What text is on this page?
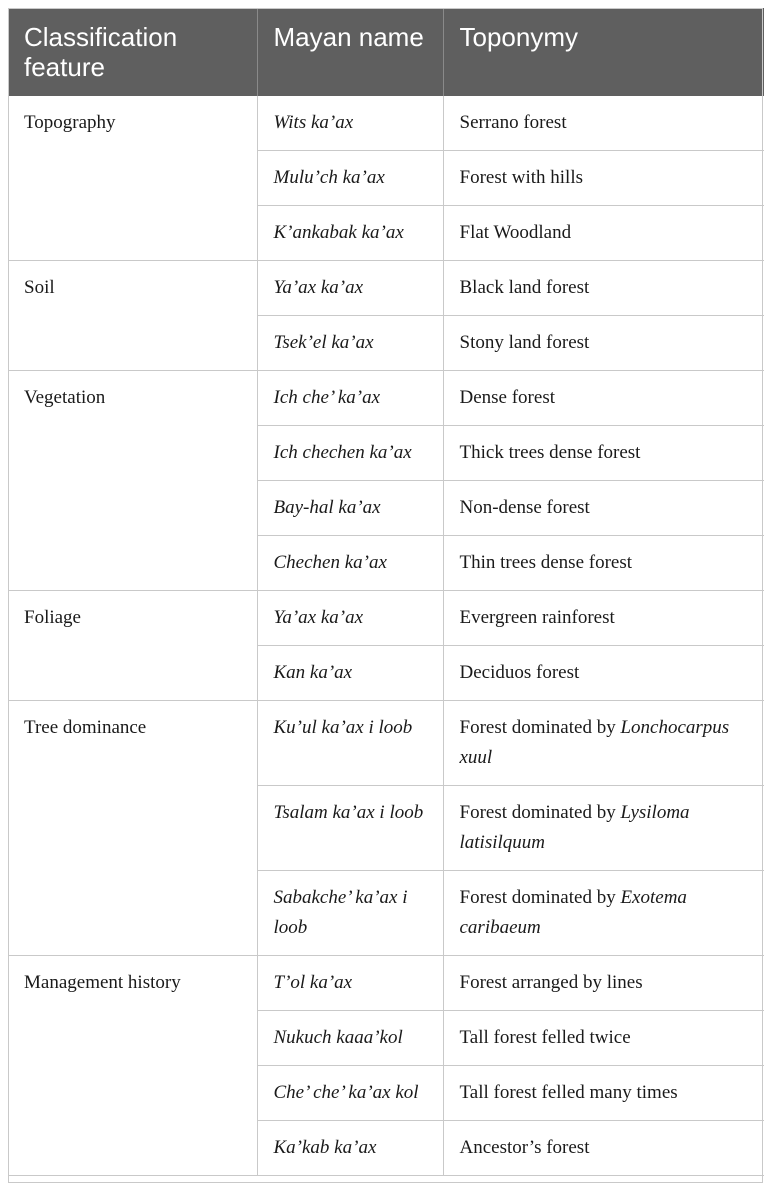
Classification feature	Mayan name	Toponymy
Topography	Wits ka’ax	Serrano forest
	Mulu’ch ka’ax	Forest with hills
	K’ankabak ka’ax	Flat Woodland
Soil	Ya’ax ka’ax	Black land forest
	Tsek’el ka’ax	Stony land forest
Vegetation	Ich che’ ka’ax	Dense forest
	Ich chechen ka’ax	Thick trees dense forest
	Bay-hal ka’ax	Non-dense forest
	Chechen ka’ax	Thin trees dense forest
Foliage	Ya’ax ka’ax	Evergreen rainforest
	Kan ka’ax	Deciduos forest
Tree dominance	Ku’ul ka’ax i loob	Forest dominated by Lonchocarpus xuul
	Tsalam ka’ax i loob	Forest dominated by Lysiloma latisilquum
	Sabakche’ ka’ax i loob	Forest dominated by Exotema caribaeum
Management history	T’ol ka’ax	Forest arranged by lines
	Nukuch kaaa’kol	Tall forest felled twice
	Che’ che’ ka’ax kol	Tall forest felled many times
	Ka’kab ka’ax	Ancestor’s forest
